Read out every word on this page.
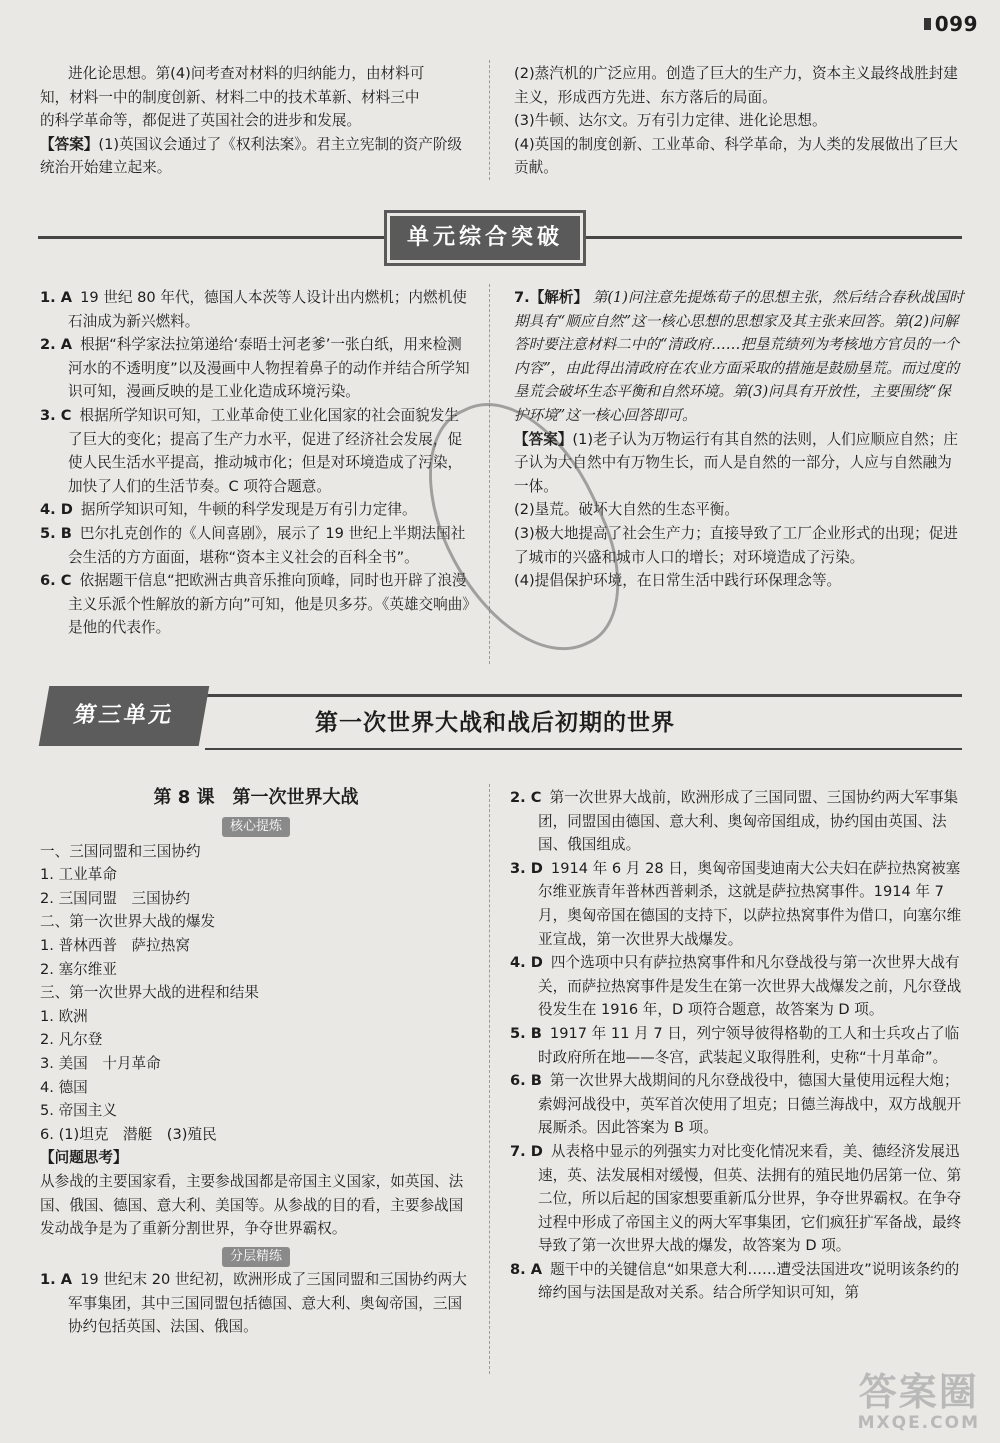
099

进化论思想。第(4)问考查对材料的归纳能力，由材料可

知，材料一中的制度创新、材料二中的技术革新、材料三中

的科学革命等，都促进了英国社会的进步和发展。

【答案】(1)英国议会通过了《权利法案》。君主立宪制的资产阶级统治开始建立起来。

(2)蒸汽机的广泛应用。创造了巨大的生产力，资本主义最终战胜封建主义，形成西方先进、东方落后的局面。

(3)牛顿、达尔文。万有引力定律、进化论思想。

(4)英国的制度创新、工业革命、科学革命，为人类的发展做出了巨大贡献。

单元综合突破

1. A 19 世纪 80 年代，德国人本茨等人设计出内燃机；内燃机使石油成为新兴燃料。

2. A 根据“科学家法拉第递给‘泰晤士河老爹’一张白纸，用来检测河水的不透明度”以及漫画中人物捏着鼻子的动作并结合所学知识可知，漫画反映的是工业化造成环境污染。

3. C 根据所学知识可知，工业革命使工业化国家的社会面貌发生了巨大的变化；提高了生产力水平，促进了经济社会发展，促使人民生活水平提高，推动城市化；但是对环境造成了污染，加快了人们的生活节奏。C 项符合题意。

4. D 据所学知识可知，牛顿的科学发现是万有引力定律。

5. B 巴尔扎克创作的《人间喜剧》，展示了 19 世纪上半期法国社会生活的方方面面，堪称“资本主义社会的百科全书”。

6. C 依据题干信息“把欧洲古典音乐推向顶峰，同时也开辟了浪漫主义乐派个性解放的新方向”可知，他是贝多芬。《英雄交响曲》是他的代表作。

7.【解析】 第(1)问注意先提炼荀子的思想主张，然后结合春秋战国时期具有“顺应自然”这一核心思想的思想家及其主张来回答。第(2)问解答时要注意材料二中的“清政府……把垦荒绩列为考核地方官员的一个内容”，由此得出清政府在农业方面采取的措施是鼓励垦荒。而过度的垦荒会破坏生态平衡和自然环境。第(3)问具有开放性，主要围绕“保护环境”这一核心回答即可。

【答案】(1)老子认为万物运行有其自然的法则，人们应顺应自然；庄子认为大自然中有万物生长，而人是自然的一部分，人应与自然融为一体。

(2)垦荒。破坏大自然的生态平衡。

(3)极大地提高了社会生产力；直接导致了工厂企业形式的出现；促进了城市的兴盛和城市人口的增长；对环境造成了污染。

(4)提倡保护环境，在日常生活中践行环保理念等。

第三单元	第一次世界大战和战后初期的世界
第 8 课　第一次世界大战
核心提炼

一、三国同盟和三国协约

1. 工业革命

2. 三国同盟　三国协约

二、第一次世界大战的爆发

1. 普林西普　萨拉热窝

2. 塞尔维亚

三、第一次世界大战的进程和结果

1. 欧洲

2. 凡尔登

3. 美国　十月革命

4. 德国

5. 帝国主义

6. (1)坦克　潜艇　(3)殖民

【问题思考】

从参战的主要国家看，主要参战国都是帝国主义国家，如英国、法国、俄国、德国、意大利、美国等。从参战的目的看，主要参战国发动战争是为了重新分割世界，争夺世界霸权。

分层精练

1. A 19 世纪末 20 世纪初，欧洲形成了三国同盟和三国协约两大军事集团，其中三国同盟包括德国、意大利、奥匈帝国，三国协约包括英国、法国、俄国。

2. C 第一次世界大战前，欧洲形成了三国同盟、三国协约两大军事集团，同盟国由德国、意大利、奥匈帝国组成，协约国由英国、法国、俄国组成。

3. D 1914 年 6 月 28 日，奥匈帝国斐迪南大公夫妇在萨拉热窝被塞尔维亚族青年普林西普刺杀，这就是萨拉热窝事件。1914 年 7 月，奥匈帝国在德国的支持下，以萨拉热窝事件为借口，向塞尔维亚宣战，第一次世界大战爆发。

4. D 四个选项中只有萨拉热窝事件和凡尔登战役与第一次世界大战有关，而萨拉热窝事件是发生在第一次世界大战爆发之前，凡尔登战役发生在 1916 年，D 项符合题意，故答案为 D 项。

5. B 1917 年 11 月 7 日，列宁领导彼得格勒的工人和士兵攻占了临时政府所在地——冬宫，武装起义取得胜利，史称“十月革命”。

6. B 第一次世界大战期间的凡尔登战役中，德国大量使用远程大炮；索姆河战役中，英军首次使用了坦克；日德兰海战中，双方战舰开展厮杀。因此答案为 B 项。

7. D 从表格中显示的列强实力对比变化情况来看，美、德经济发展迅速，英、法发展相对缓慢，但英、法拥有的殖民地仍居第一位、第二位，所以后起的国家想要重新瓜分世界，争夺世界霸权。在争夺过程中形成了帝国主义的两大军事集团，它们疯狂扩军备战，最终导致了第一次世界大战的爆发，故答案为 D 项。

8. A 题干中的关键信息“如果意大利……遭受法国进攻”说明该条约的缔约国与法国是敌对关系。结合所学知识可知，第

答案圈
MXQE.COM
